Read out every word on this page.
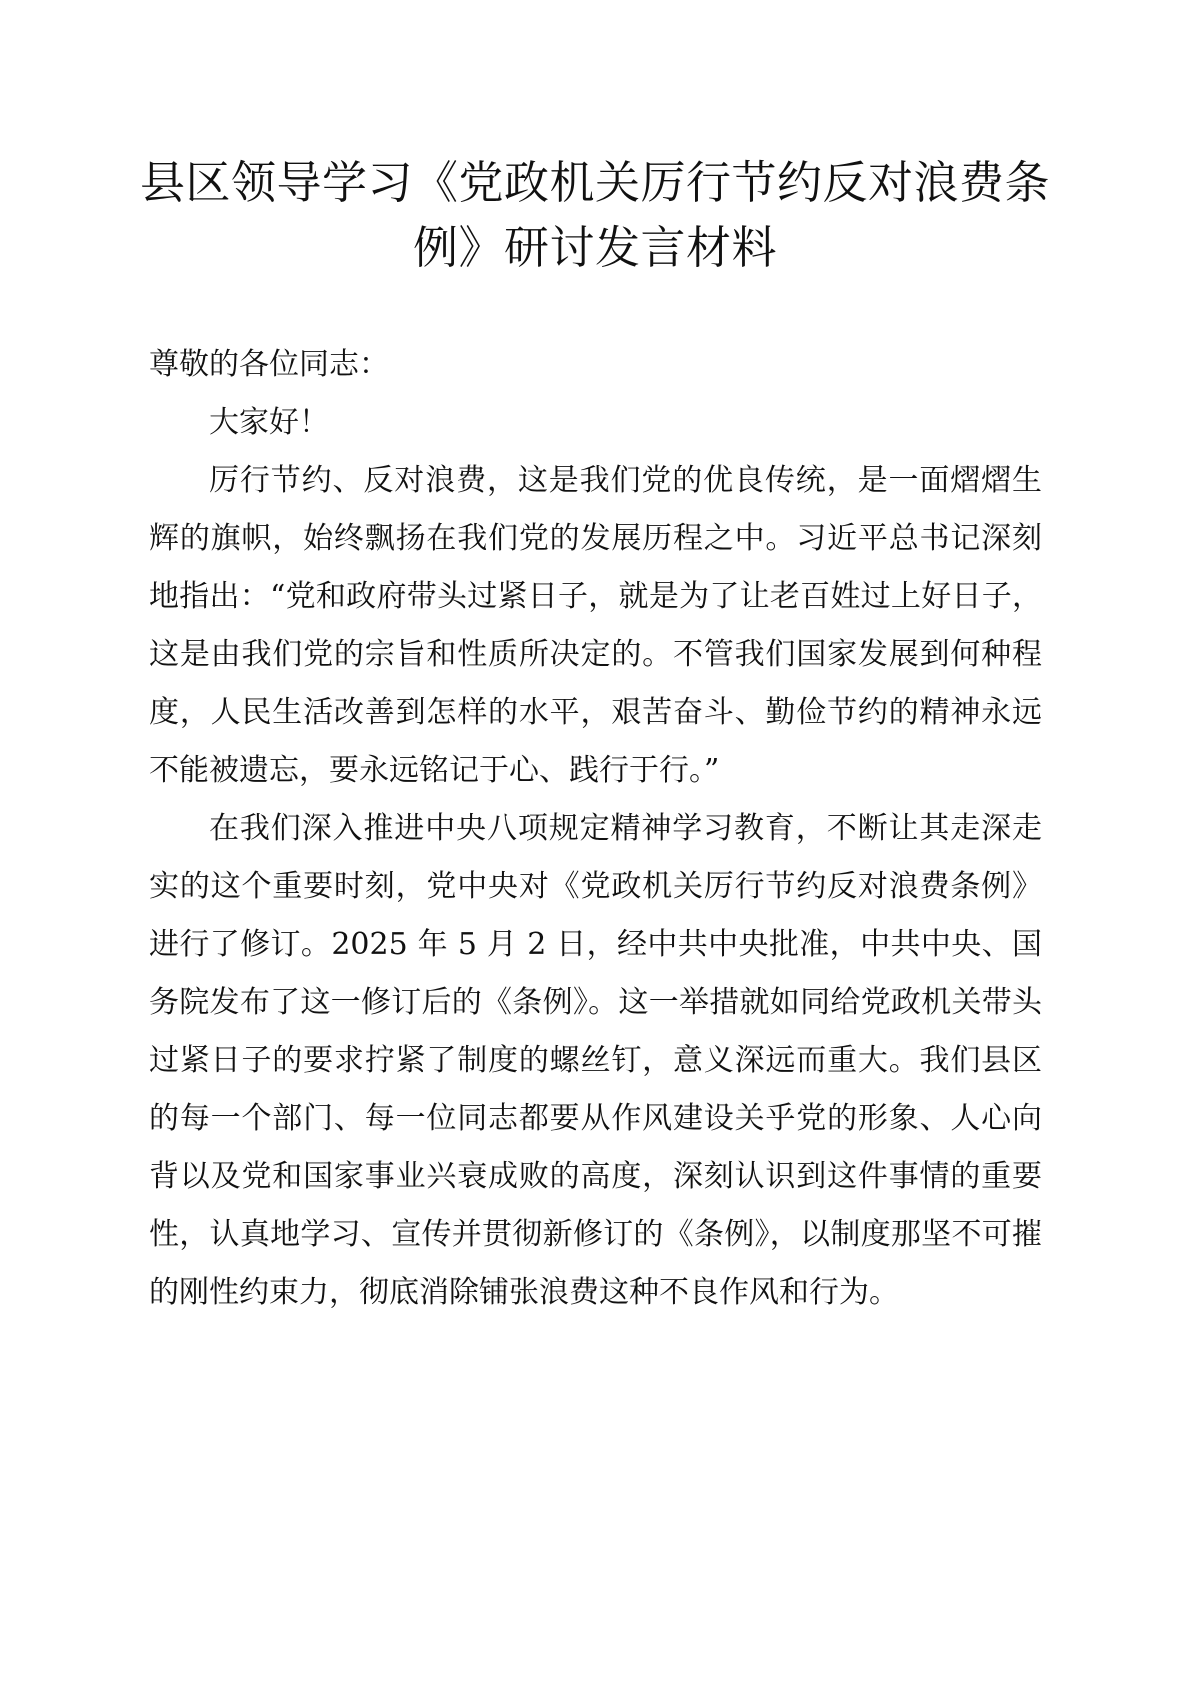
县区领导学习《党政机关厉行节约反对浪费条例》研讨发言材料

尊敬的各位同志：

大家好！

厉行节约、反对浪费，这是我们党的优良传统，是一面熠熠生辉的旗帜，始终飘扬在我们党的发展历程之中。习近平总书记深刻地指出：“党和政府带头过紧日子，就是为了让老百姓过上好日子，这是由我们党的宗旨和性质所决定的。不管我们国家发展到何种程度，人民生活改善到怎样的水平，艰苦奋斗、勤俭节约的精神永远不能被遗忘，要永远铭记于心、践行于行。”

在我们深入推进中央八项规定精神学习教育，不断让其走深走实的这个重要时刻，党中央对《党政机关厉行节约反对浪费条例》进行了修订。2025 年 5 月 2 日，经中共中央批准，中共中央、国务院发布了这一修订后的《条例》。这一举措就如同给党政机关带头过紧日子的要求拧紧了制度的螺丝钉，意义深远而重大。我们县区的每一个部门、每一位同志都要从作风建设关乎党的形象、人心向背以及党和国家事业兴衰成败的高度，深刻认识到这件事情的重要性，认真地学习、宣传并贯彻新修订的《条例》，以制度那坚不可摧的刚性约束力，彻底消除铺张浪费这种不良作风和行为。
